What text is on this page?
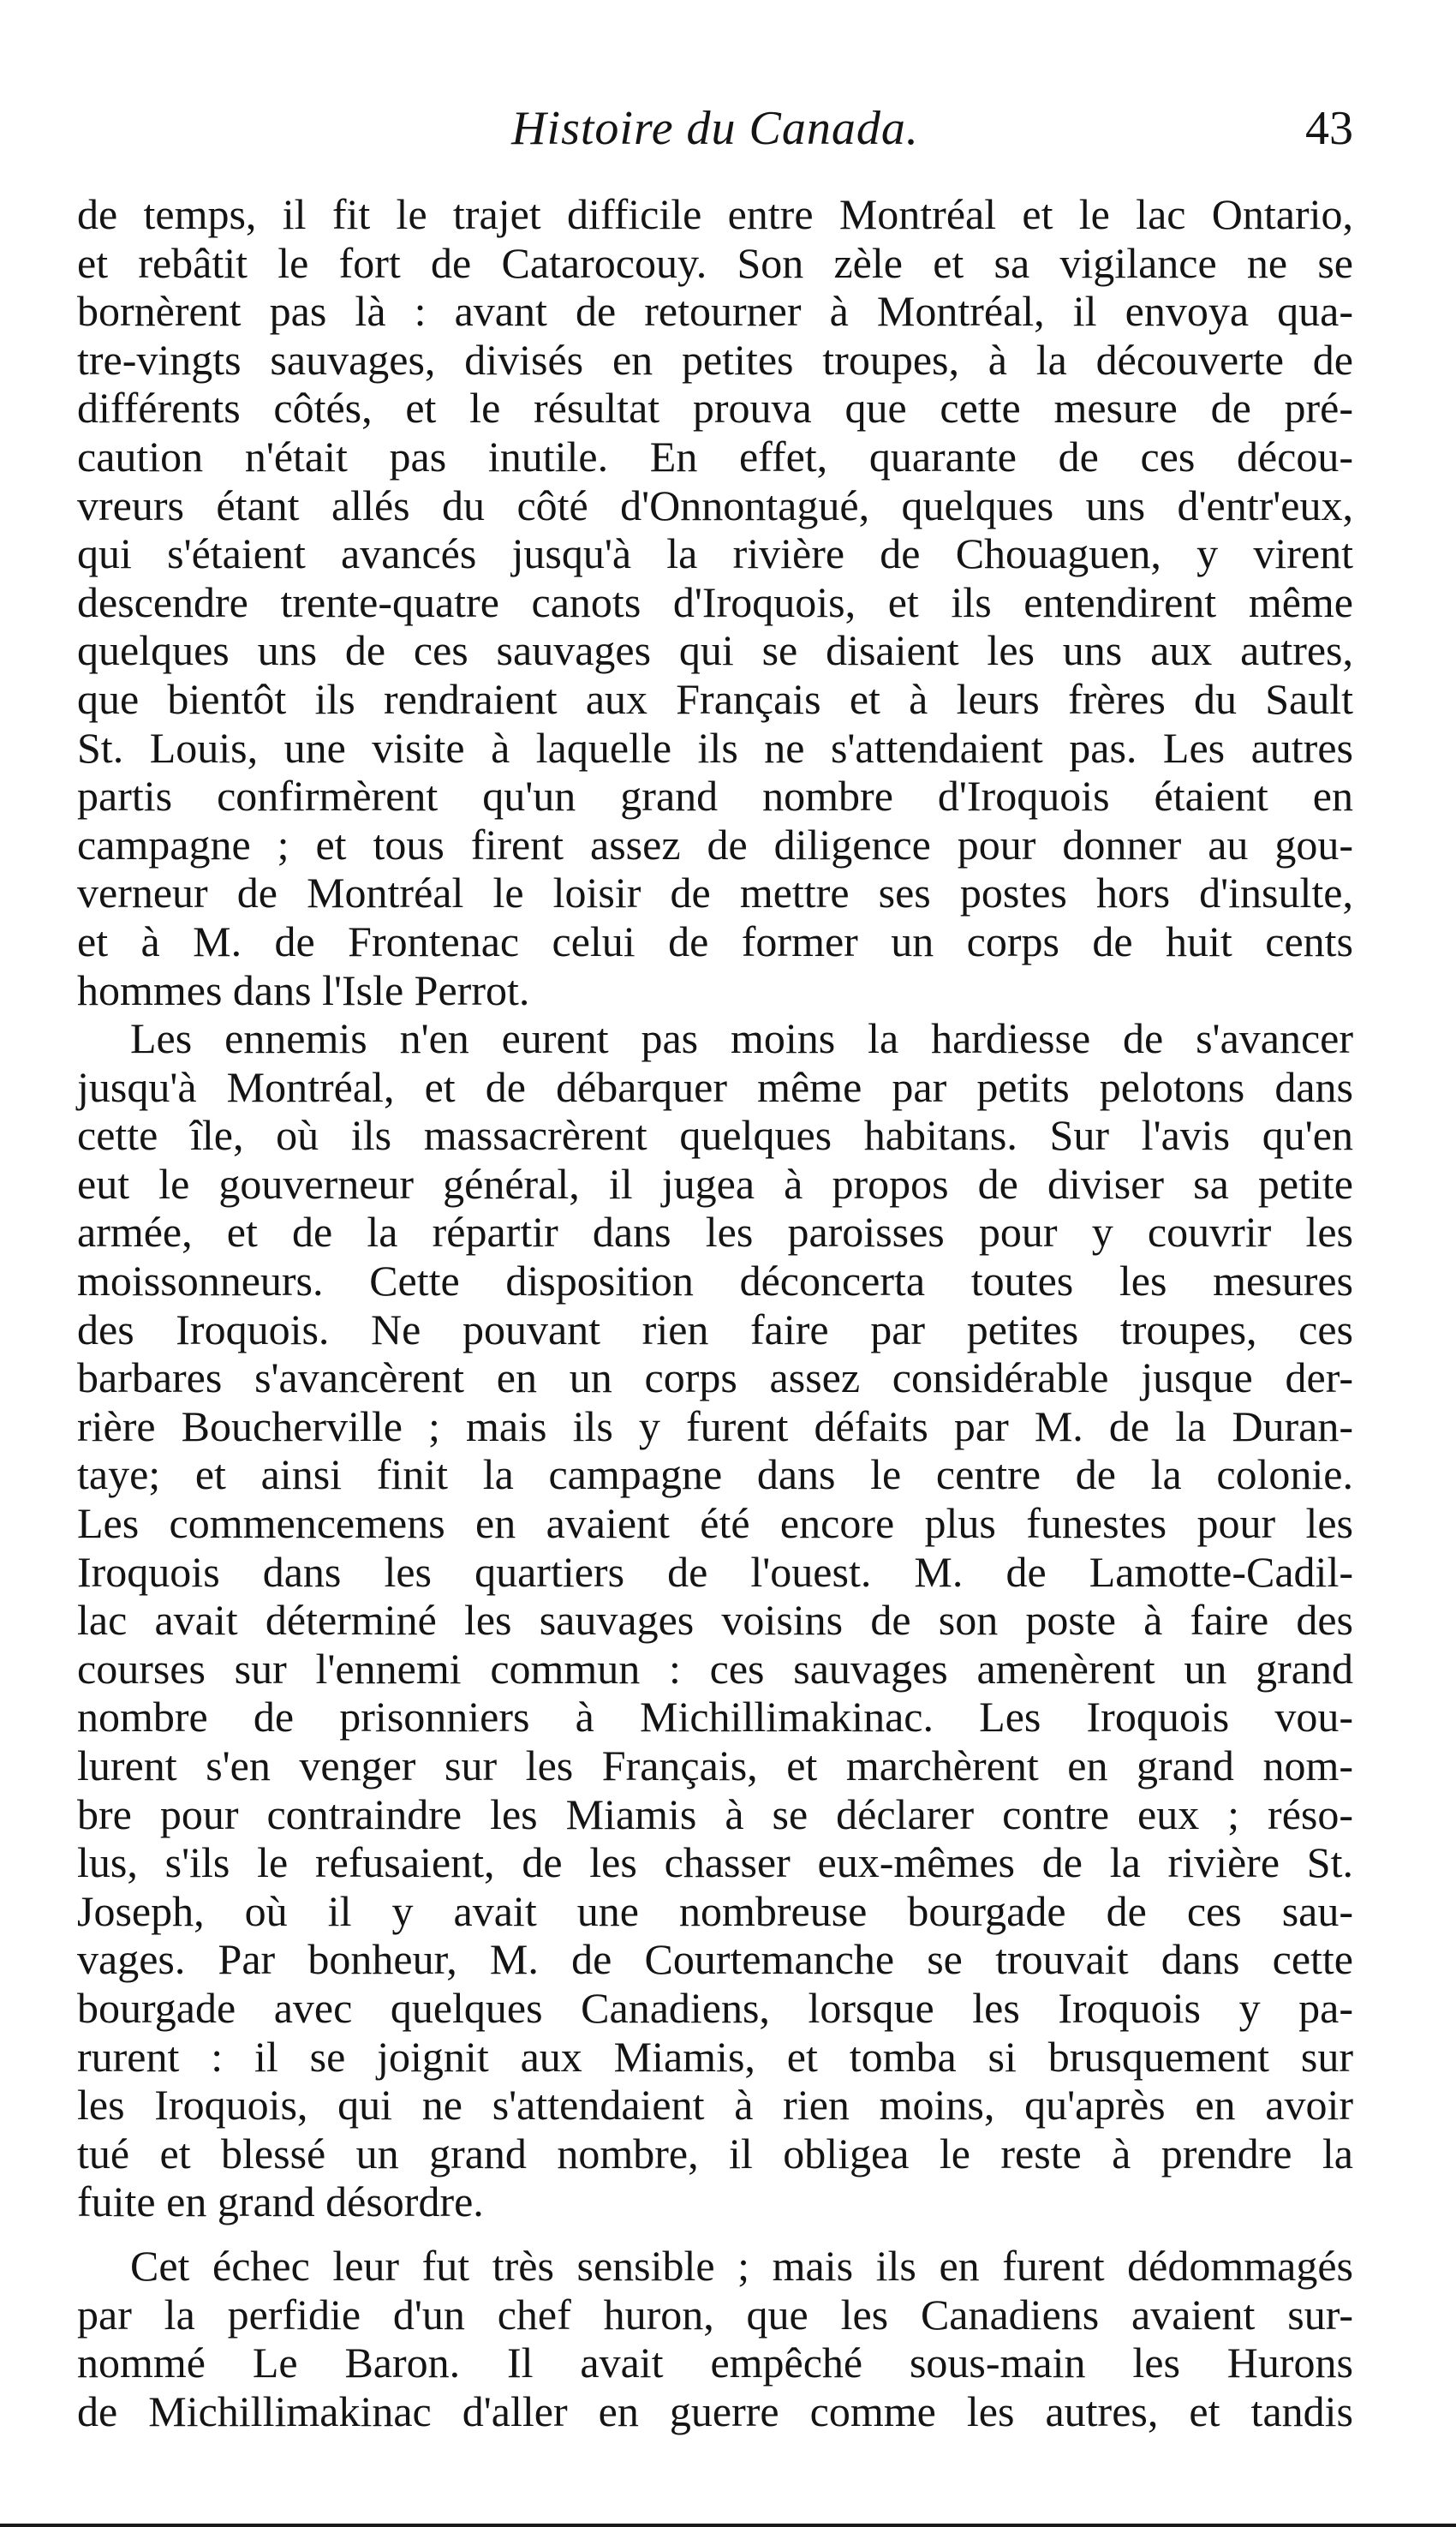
Histoire du Canada.	43
de temps, il fit le trajet difficile entre Montréal et le lac Ontario,
et rebâtit le fort de Catarocouy. Son zèle et sa vigilance ne se
bornèrent pas là : avant de retourner à Montréal, il envoya qua-
tre-vingts sauvages, divisés en petites troupes, à la découverte de
différents côtés, et le résultat prouva que cette mesure de pré-
caution n'était pas inutile. En effet, quarante de ces décou-
vreurs étant allés du côté d'Onnontagué, quelques uns d'entr'eux,
qui s'étaient avancés jusqu'à la rivière de Chouaguen, y virent
descendre trente-quatre canots d'Iroquois, et ils entendirent même
quelques uns de ces sauvages qui se disaient les uns aux autres,
que bientôt ils rendraient aux Français et à leurs frères du Sault
St. Louis, une visite à laquelle ils ne s'attendaient pas. Les autres
partis confirmèrent qu'un grand nombre d'Iroquois étaient en
campagne ; et tous firent assez de diligence pour donner au gou-
verneur de Montréal le loisir de mettre ses postes hors d'insulte,
et à M. de Frontenac celui de former un corps de huit cents
hommes dans l'Isle Perrot.
Les ennemis n'en eurent pas moins la hardiesse de s'avancer
jusqu'à Montréal, et de débarquer même par petits pelotons dans
cette île, où ils massacrèrent quelques habitans. Sur l'avis qu'en
eut le gouverneur général, il jugea à propos de diviser sa petite
armée, et de la répartir dans les paroisses pour y couvrir les
moissonneurs. Cette disposition déconcerta toutes les mesures
des Iroquois. Ne pouvant rien faire par petites troupes, ces
barbares s'avancèrent en un corps assez considérable jusque der-
rière Boucherville ; mais ils y furent défaits par M. de la Duran-
taye; et ainsi finit la campagne dans le centre de la colonie.
Les commencemens en avaient été encore plus funestes pour les
Iroquois dans les quartiers de l'ouest. M. de Lamotte-Cadil-
lac avait déterminé les sauvages voisins de son poste à faire des
courses sur l'ennemi commun : ces sauvages amenèrent un grand
nombre de prisonniers à Michillimakinac. Les Iroquois vou-
lurent s'en venger sur les Français, et marchèrent en grand nom-
bre pour contraindre les Miamis à se déclarer contre eux ; réso-
lus, s'ils le refusaient, de les chasser eux-mêmes de la rivière St.
Joseph, où il y avait une nombreuse bourgade de ces sau-
vages. Par bonheur, M. de Courtemanche se trouvait dans cette
bourgade avec quelques Canadiens, lorsque les Iroquois y pa-
rurent : il se joignit aux Miamis, et tomba si brusquement sur
les Iroquois, qui ne s'attendaient à rien moins, qu'après en avoir
tué et blessé un grand nombre, il obligea le reste à prendre la
fuite en grand désordre.
Cet échec leur fut très sensible ; mais ils en furent dédommagés
par la perfidie d'un chef huron, que les Canadiens avaient sur-
nommé Le Baron. Il avait empêché sous-main les Hurons
de Michillimakinac d'aller en guerre comme les autres, et tandis
